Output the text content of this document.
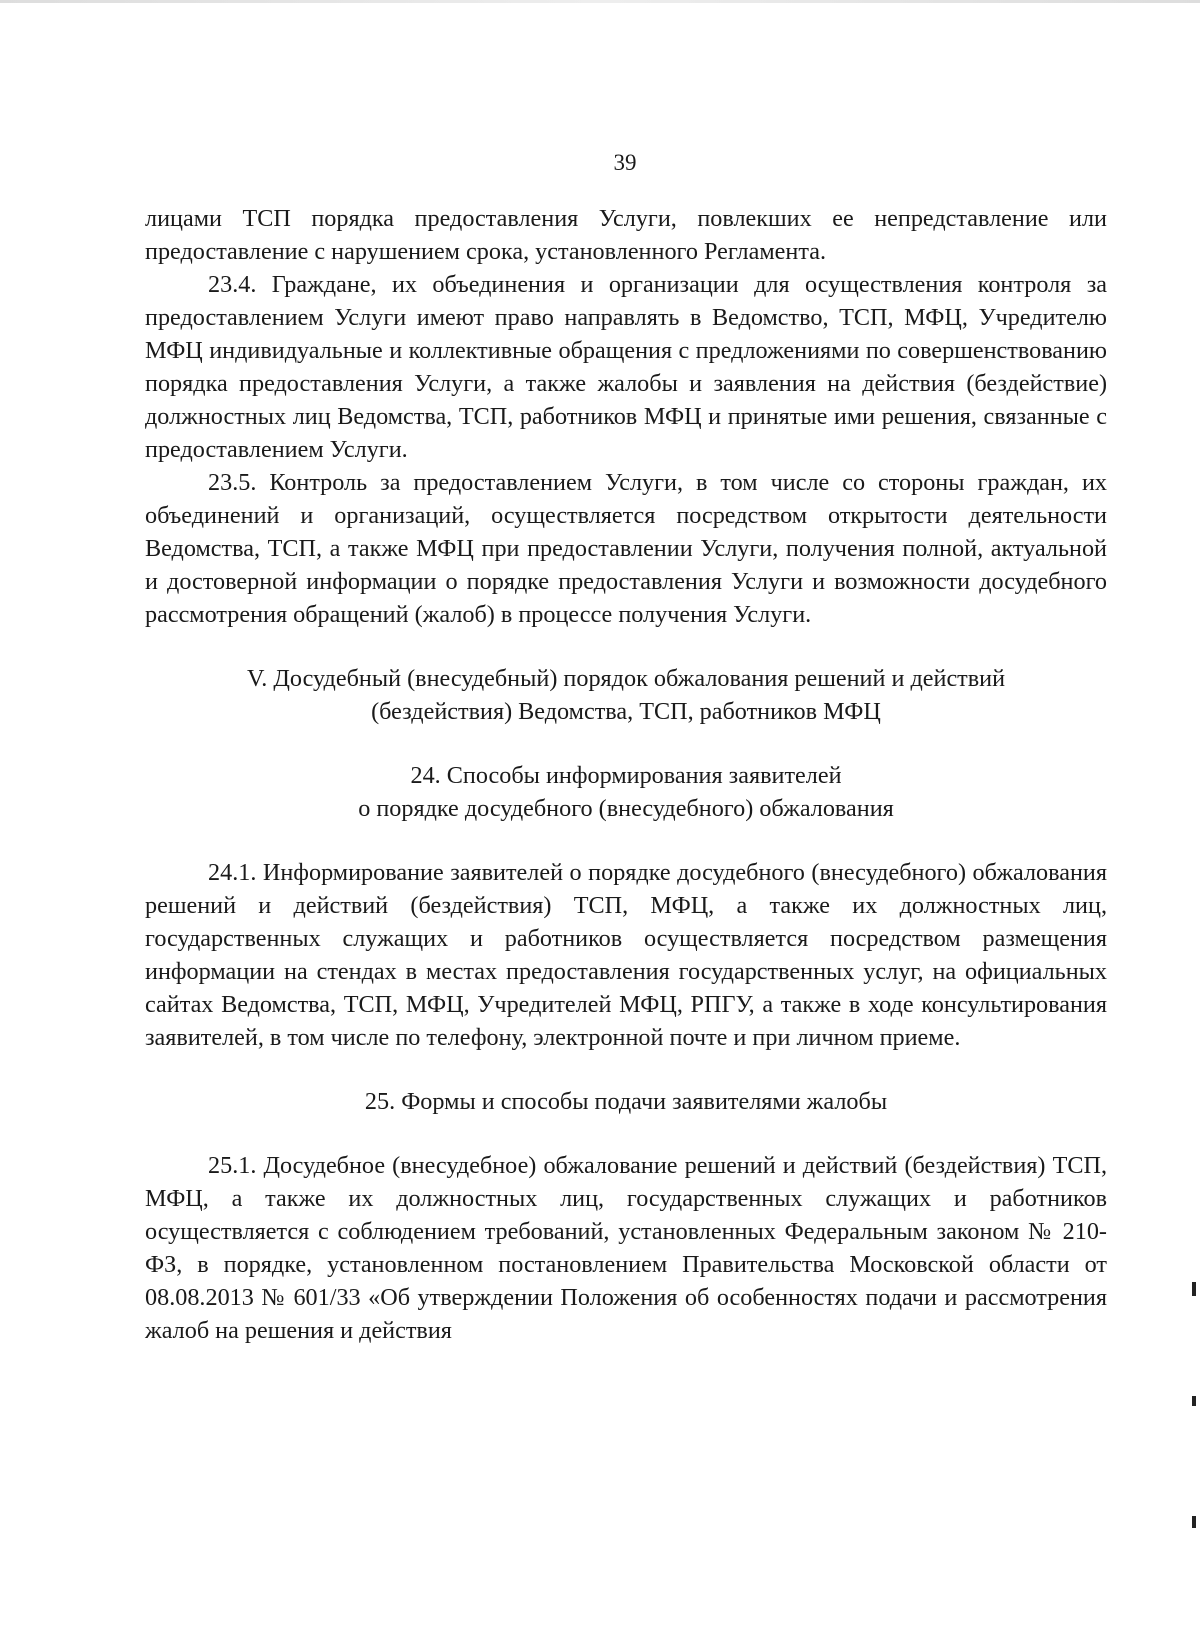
39

лицами ТСП порядка предоставления Услуги, повлекших ее непредставление или предоставление с нарушением срока, установленного Регламента.

23.4. Граждане, их объединения и организации для осуществления контроля за предоставлением Услуги имеют право направлять в Ведомство, ТСП, МФЦ, Учредителю МФЦ индивидуальные и коллективные обращения с предложениями по совершенствованию порядка предоставления Услуги, а также жалобы и заявления на действия (бездействие) должностных лиц Ведомства, ТСП, работников МФЦ и принятые ими решения, связанные с предоставлением Услуги.

23.5. Контроль за предоставлением Услуги, в том числе со стороны граждан, их объединений и организаций, осуществляется посредством открытости деятельности Ведомства, ТСП, а также МФЦ при предоставлении Услуги, получения полной, актуальной и достоверной информации о порядке предоставления Услуги и возможности досудебного рассмотрения обращений (жалоб) в процессе получения Услуги.

V. Досудебный (внесудебный) порядок обжалования решений и действий

(бездействия) Ведомства, ТСП, работников МФЦ

24. Способы информирования заявителей

о порядке досудебного (внесудебного) обжалования

24.1. Информирование заявителей о порядке досудебного (внесудебного) обжалования решений и действий (бездействия) ТСП, МФЦ, а также их должностных лиц, государственных служащих и работников осуществляется посредством размещения информации на стендах в местах предоставления государственных услуг, на официальных сайтах Ведомства, ТСП, МФЦ, Учредителей МФЦ, РПГУ, а также в ходе консультирования заявителей, в том числе по телефону, электронной почте и при личном приеме.

25. Формы и способы подачи заявителями жалобы

25.1. Досудебное (внесудебное) обжалование решений и действий (бездействия) ТСП, МФЦ, а также их должностных лиц, государственных служащих и работников осуществляется с соблюдением требований, установленных Федеральным законом № 210-ФЗ, в порядке, установленном постановлением Правительства Московской области от 08.08.2013 № 601/33 «Об утверждении Положения об особенностях подачи и рассмотрения жалоб на решения и действия
